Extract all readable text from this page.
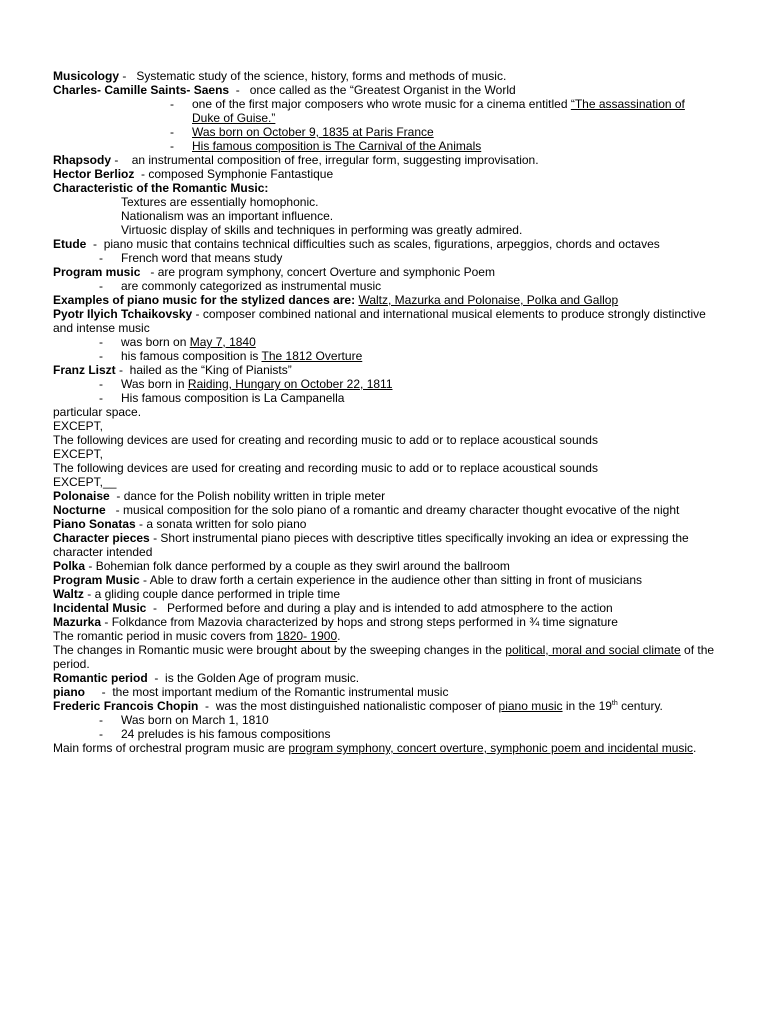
Musicology -   Systematic study of the science, history, forms and methods of music.
Charles- Camille Saints- Saens  -   once called as the “Greatest Organist in the World
- one of the first major composers who wrote music for a cinema entitled “The assassination of
Duke of Guise.”
- Was born on October 9, 1835 at Paris France
- His famous composition is The Carnival of the Animals
Rhapsody -    an instrumental composition of free, irregular form, suggesting improvisation.
Hector Berlioz  - composed Symphonie Fantastique
Characteristic of the Romantic Music:
Textures are essentially homophonic.
Nationalism was an important influence.
Virtuosic display of skills and techniques in performing was greatly admired.
Etude  -  piano music that contains technical difficulties such as scales, figurations, arpeggios, chords and octaves
- French word that means study
Program music   - are program symphony, concert Overture and symphonic Poem
- are commonly categorized as instrumental music
Examples of piano music for the stylized dances are: Waltz, Mazurka and Polonaise, Polka and Gallop
Pyotr Ilyich Tchaikovsky - composer combined national and international musical elements to produce strongly distinctive and intense music
- was born on May 7, 1840
- his famous composition is The 1812 Overture
Franz Liszt -  hailed as the “King of Pianists”
- Was born in Raiding, Hungary on October 22, 1811
- His famous composition is La Campanella
particular space.
EXCEPT,
The following devices are used for creating and recording music to add or to replace acoustical sounds
EXCEPT,
The following devices are used for creating and recording music to add or to replace acoustical sounds
EXCEPT,__
Polonaise  - dance for the Polish nobility written in triple meter
Nocturne   - musical composition for the solo piano of a romantic and dreamy character thought evocative of the night
Piano Sonatas - a sonata written for solo piano
Character pieces - Short instrumental piano pieces with descriptive titles specifically invoking an idea or expressing the character intended
Polka - Bohemian folk dance performed by a couple as they swirl around the ballroom
Program Music - Able to draw forth a certain experience in the audience other than sitting in front of musicians
Waltz - a gliding couple dance performed in triple time
Incidental Music  -   Performed before and during a play and is intended to add atmosphere to the action
Mazurka - Folkdance from Mazovia characterized by hops and strong steps performed in ¾ time signature
The romantic period in music covers from 1820- 1900.
The changes in Romantic music were brought about by the sweeping changes in the political, moral and social climate of the period.
Romantic period  -  is the Golden Age of program music.
piano     -  the most important medium of the Romantic instrumental music
Frederic Francois Chopin  -  was the most distinguished nationalistic composer of piano music in the 19th century.
- Was born on March 1, 1810
- 24 preludes is his famous compositions
Main forms of orchestral program music are program symphony, concert overture, symphonic poem and incidental music.
